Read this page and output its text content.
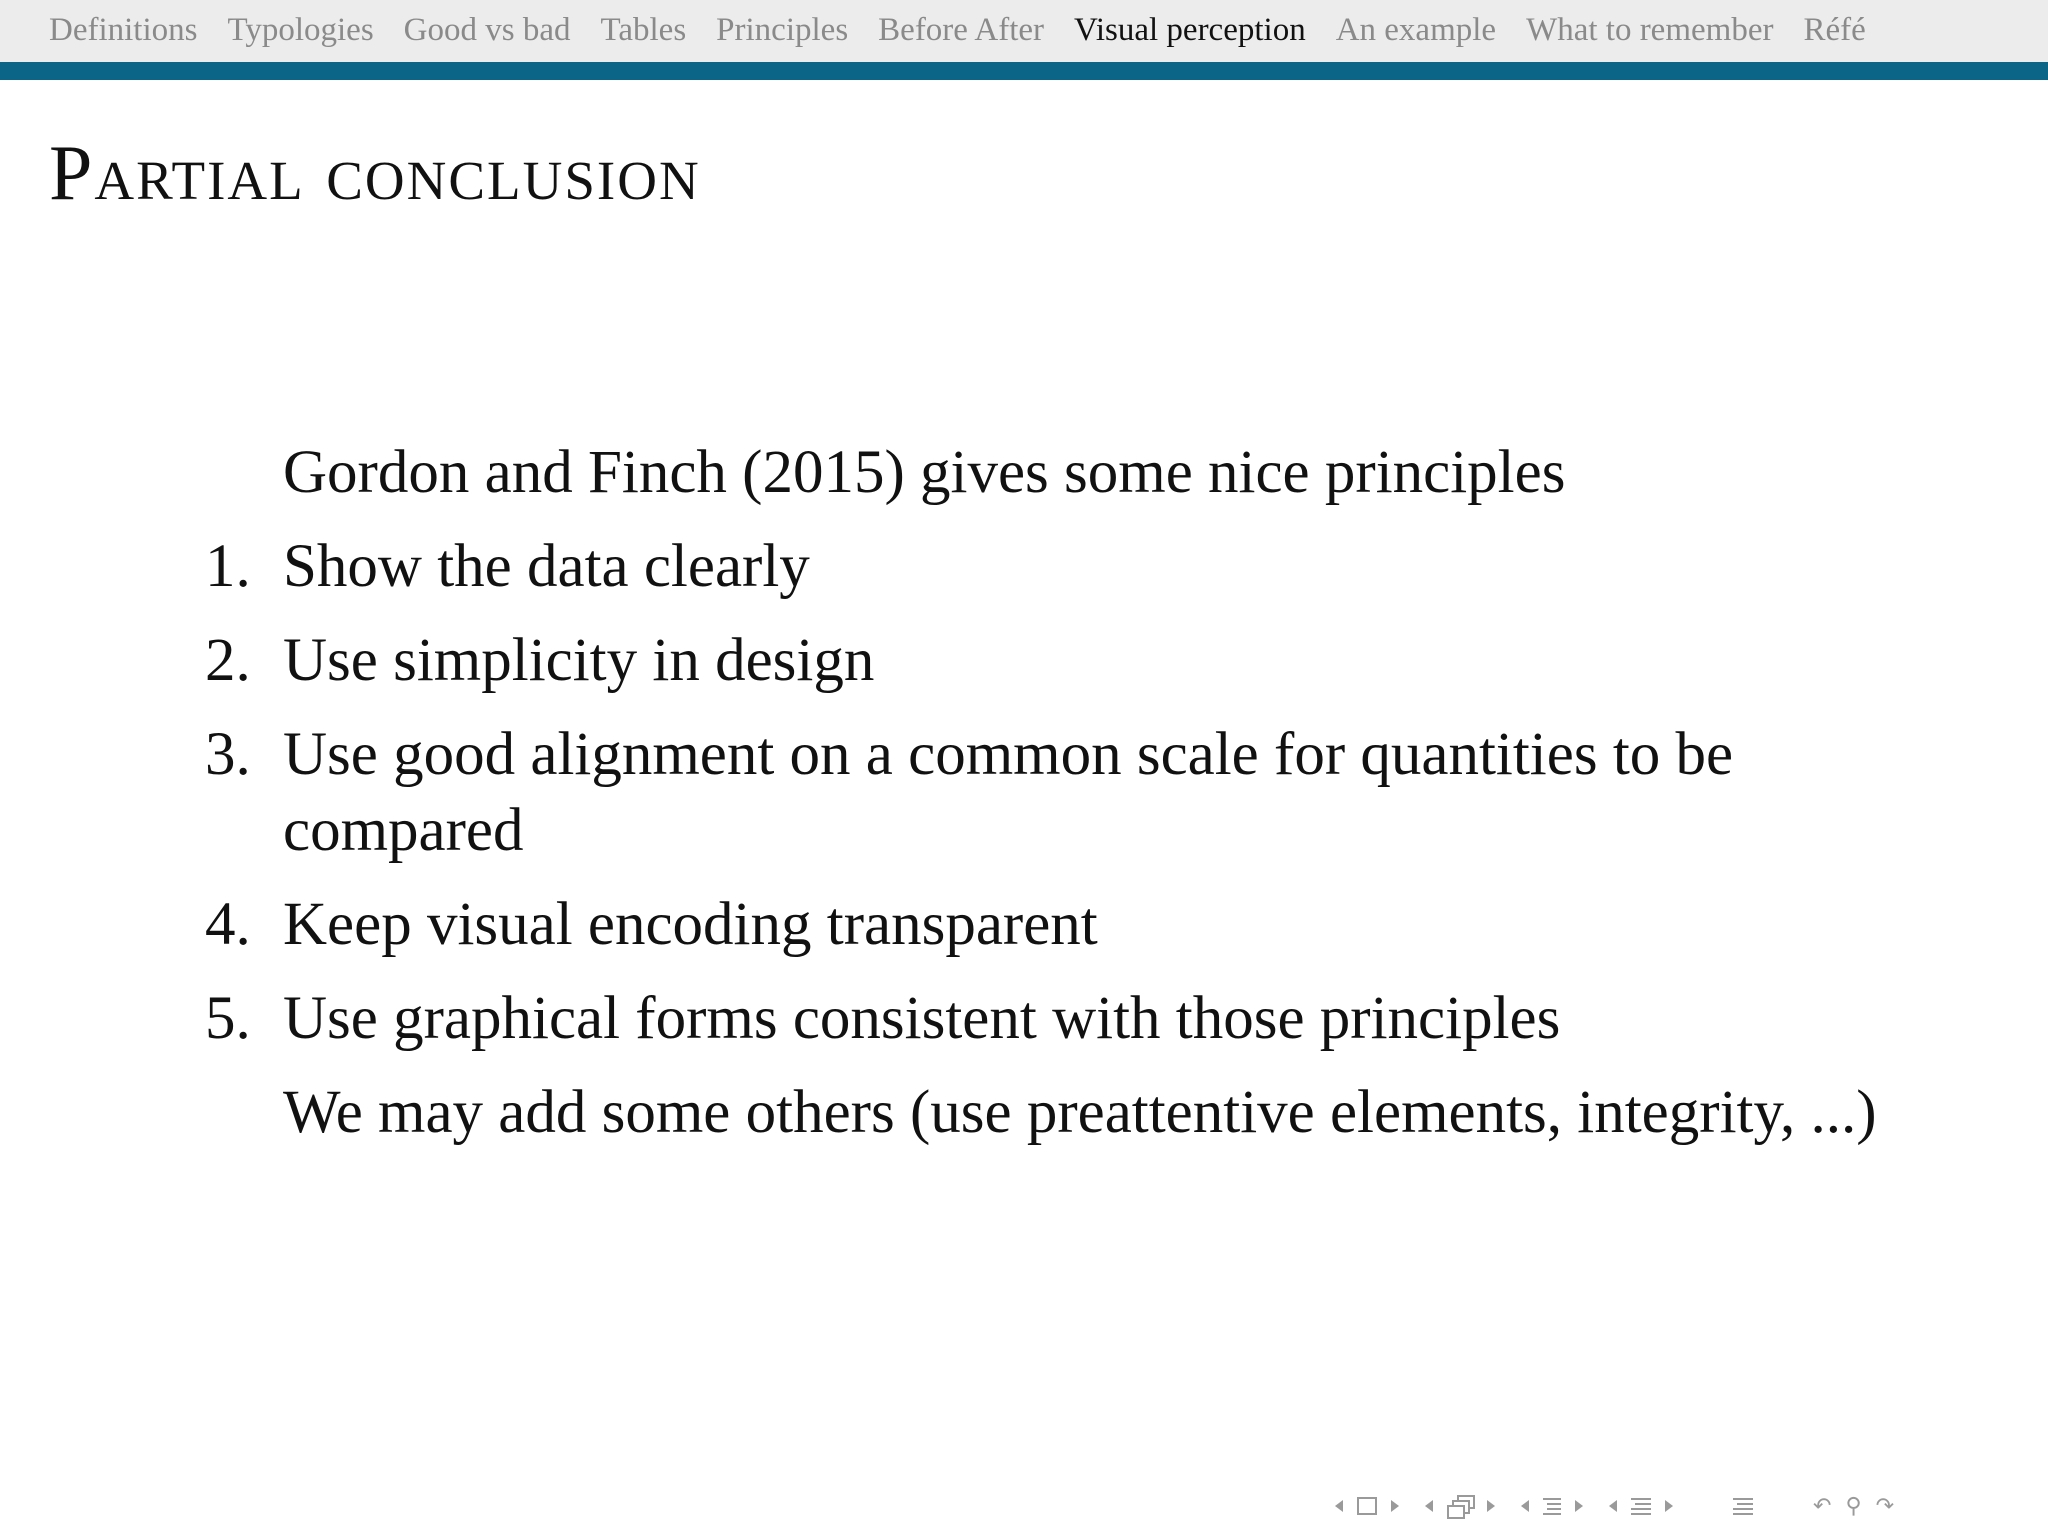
Definitions Typologies Good vs bad Tables Principles Before After Visual perception An example What to remember Réfé
Partial conclusion

Gordon and Finch (2015) gives some nice principles

1. Show the data clearly
2. Use simplicity in design
3. Use good alignment on a common scale for quantities to be compared
4. Keep visual encoding transparent
5. Use graphical forms consistent with those principles

We may add some others (use preattentive elements, integrity, ...)

↶ ⚲ ↷
